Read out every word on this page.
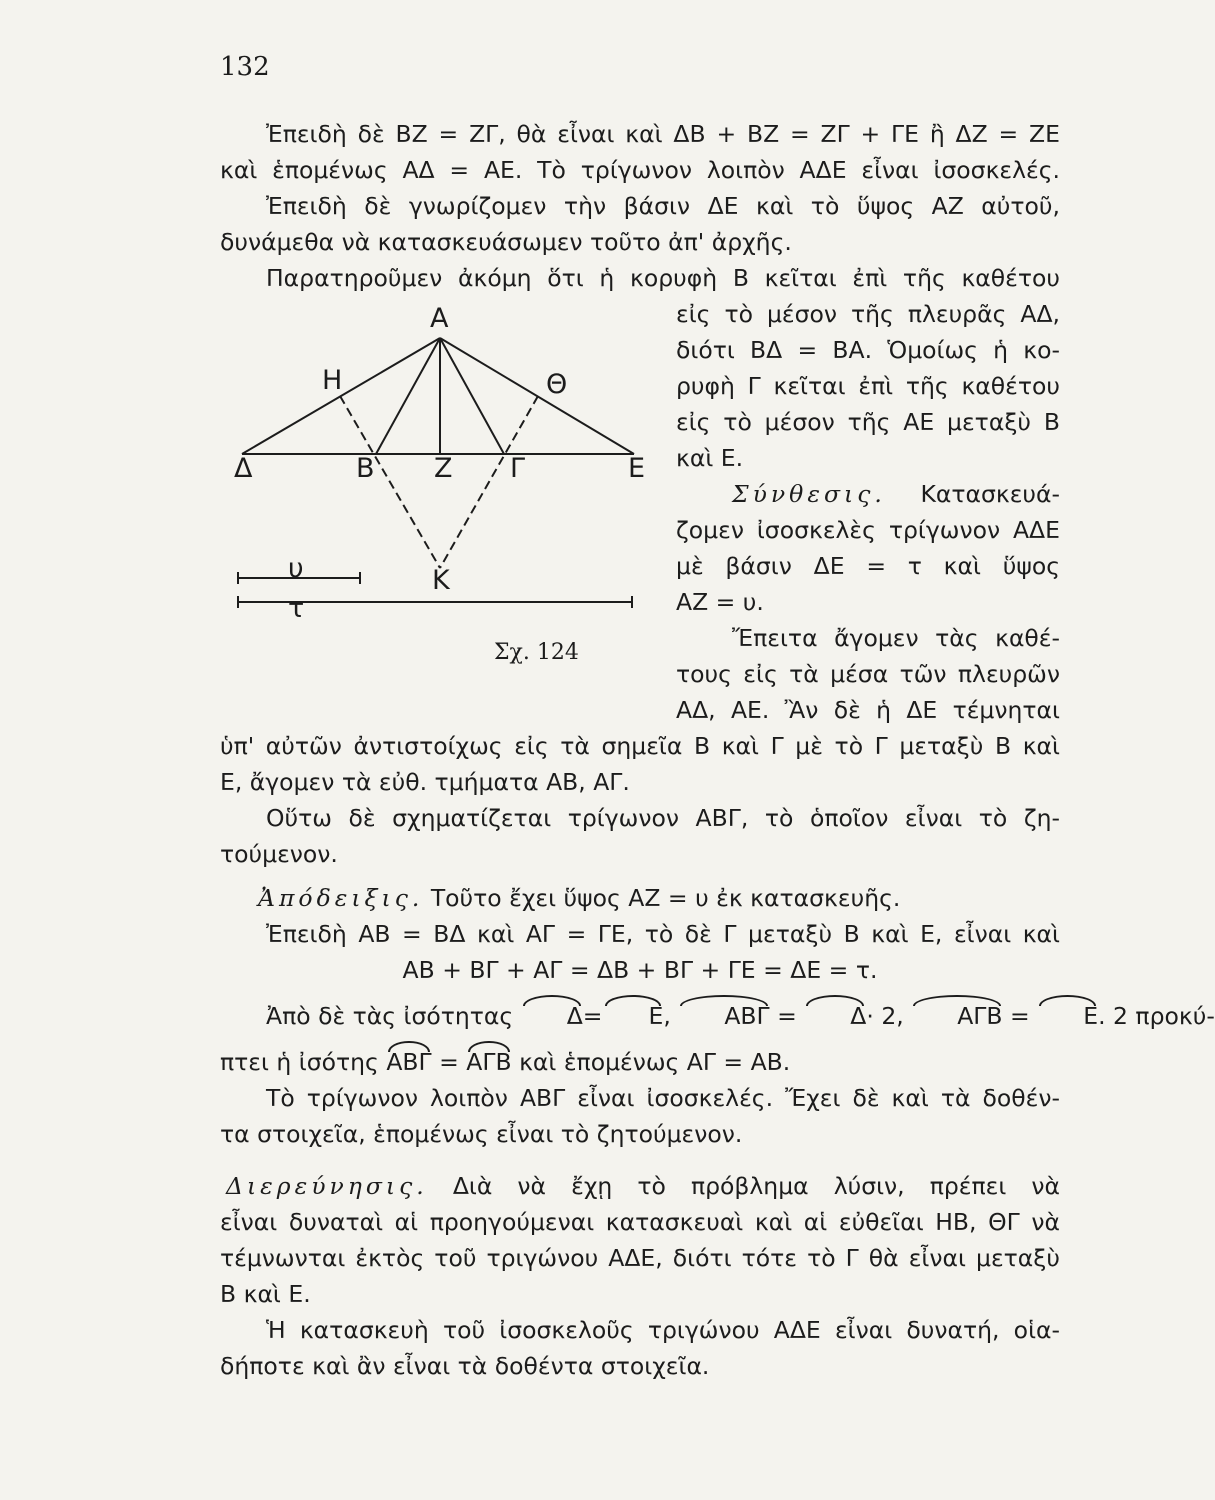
132
Ἐπειδὴ δὲ ΒΖ = ΖΓ, θὰ εἶναι καὶ ΔΒ + ΒΖ = ΖΓ + ΓΕ ἢ ΔΖ = ΖΕ
καὶ ἑπομένως ΑΔ = ΑΕ. Τὸ τρίγωνον λοιπὸν ΑΔΕ εἶναι ἰσοσκελές.
Ἐπειδὴ δὲ γνωρίζομεν τὴν βάσιν ΔΕ καὶ τὸ ὕψος ΑΖ αὐτοῦ,
δυνάμεθα νὰ κατασκευάσωμεν τοῦτο ἀπ' ἀρχῆς.
Παρατηροῦμεν ἀκόμη ὅτι ἡ κορυφὴ Β κεῖται ἐπὶ τῆς καθέτου
εἰς τὸ μέσον τῆς πλευρᾶς ΑΔ,
διότι ΒΔ = ΒΑ. Ὁμοίως ἡ κο-
ρυφὴ Γ κεῖται ἐπὶ τῆς καθέτου
εἰς τὸ μέσον τῆς ΑΕ μεταξὺ Β
καὶ Ε.
Σύνθεσις. Κατασκευά-
ζομεν ἰσοσκελὲς τρίγωνον ΑΔΕ
μὲ βάσιν ΔΕ = τ καὶ ὕψος
ΑΖ = υ.
Ἔπειτα ἄγομεν τὰς καθέ-
τους εἰς τὰ μέσα τῶν πλευρῶν
ΑΔ, ΑΕ. Ἂν δὲ ἡ ΔΕ τέμνηται
Α
Η	Θ
Δ	Β Ζ Γ	Ε
Κ
υ
τ
Σχ. 124
ὑπ' αὐτῶν ἀντιστοίχως εἰς τὰ σημεῖα Β καὶ Γ μὲ τὸ Γ μεταξὺ Β καὶ
Ε, ἄγομεν τὰ εὐθ. τμήματα ΑΒ, ΑΓ.
Οὕτω δὲ σχηματίζεται τρίγωνον ΑΒΓ, τὸ ὁποῖον εἶναι τὸ ζη-
τούμενον.
Ἀπόδειξις. Τοῦτο ἔχει ὕψος ΑΖ = υ ἐκ κατασκευῆς.
Ἐπειδὴ ΑΒ = ΒΔ καὶ ΑΓ = ΓΕ, τὸ δὲ Γ μεταξὺ Β καὶ Ε, εἶναι καὶ
ΑΒ + ΒΓ + ΑΓ = ΔΒ + ΒΓ + ΓΕ = ΔΕ = τ.
Ἀπὸ δὲ τὰς ἰσότητας Δ= Ε, ΑΒΓ = Δ· 2, ΑΓΒ = Ε. 2 προκύ-
πτει ἡ ἰσότης ΑΒΓ = ΑΓΒ καὶ ἑπομένως ΑΓ = ΑΒ.
Τὸ τρίγωνον λοιπὸν ΑΒΓ εἶναι ἰσοσκελές. Ἔχει δὲ καὶ τὰ δοθέν-
τα στοιχεῖα, ἑπομένως εἶναι τὸ ζητούμενον.
Διερεύνησις. Διὰ νὰ ἔχῃ τὸ πρόβλημα λύσιν, πρέπει νὰ
εἶναι δυναταὶ αἱ προηγούμεναι κατασκευαὶ καὶ αἱ εὐθεῖαι ΗΒ, ΘΓ νὰ
τέμνωνται ἐκτὸς τοῦ τριγώνου ΑΔΕ, διότι τότε τὸ Γ θὰ εἶναι μεταξὺ
Β καὶ Ε.
Ἡ κατασκευὴ τοῦ ἰσοσκελοῦς τριγώνου ΑΔΕ εἶναι δυνατή, οἱα-
δήποτε καὶ ἂν εἶναι τὰ δοθέντα στοιχεῖα.
